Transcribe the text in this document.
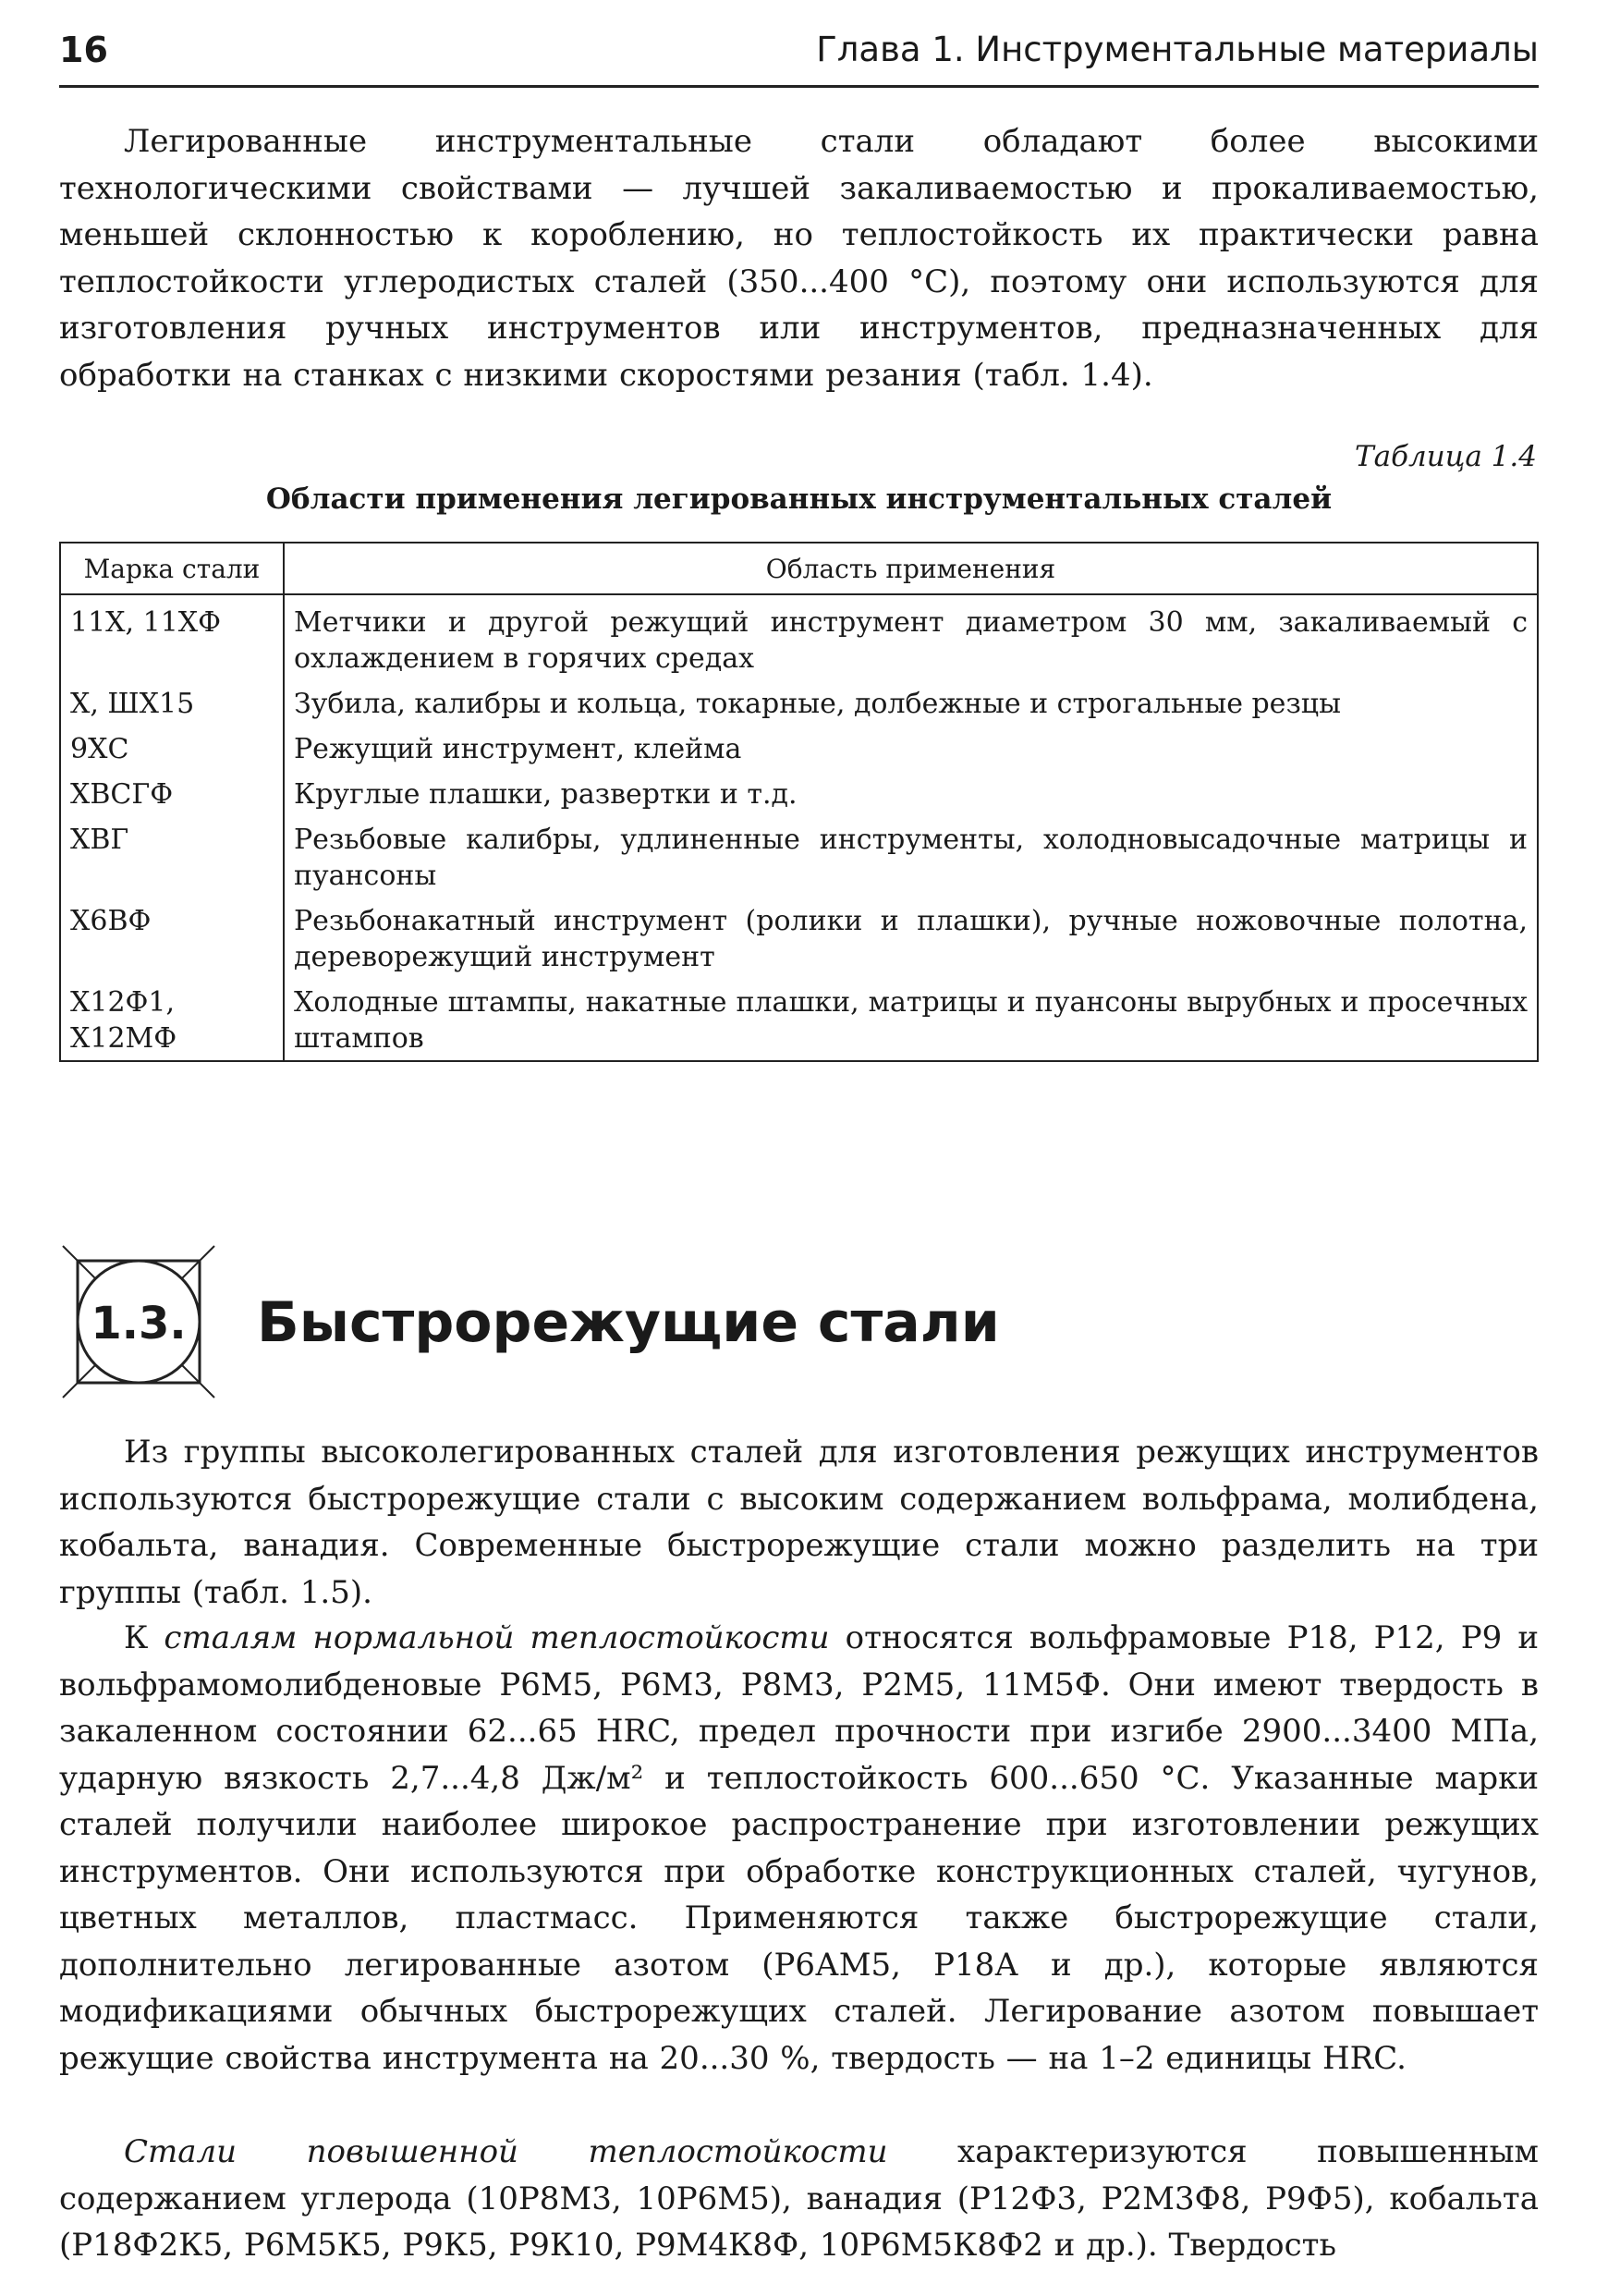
16	Глава 1. Инструментальные материалы

Легированные инструментальные стали обладают более высокими технологическими свойствами — лучшей закаливаемостью и прокаливаемостью, меньшей склонностью к короблению, но теплостойкость их практически равна теплостойкости углеродистых сталей (350...400 °С), поэтому они используются для изготовления ручных инструментов или инструментов, предназначенных для обработки на станках с низкими скоростями резания (табл. 1.4).

Таблица 1.4
Области применения легированных инструментальных сталей
Марка стали	Область применения
11Х, 11ХФ	Метчики и другой режущий инструмент диаметром 30 мм, закаливаемый с охлаждением в горячих средах
Х, ШХ15	Зубила, калибры и кольца, токарные, долбежные и строгальные резцы
9ХС	Режущий инструмент, клейма
ХВСГФ	Круглые плашки, развертки и т.д.
ХВГ	Резьбовые калибры, удлиненные инструменты, холодновысадочные матрицы и пуансоны
Х6ВФ	Резьбонакатный инструмент (ролики и плашки), ручные ножовочные полотна, дереворежущий инструмент
Х12Ф1, Х12МФ	Холодные штампы, накатные плашки, матрицы и пуансоны вырубных и просечных штампов
1.3. Быстрорежущие стали

Из группы высоколегированных сталей для изготовления режущих инструментов используются быстрорежущие стали с высоким содержанием вольфрама, молибдена, кобальта, ванадия. Современные быстрорежущие стали можно разделить на три группы (табл. 1.5).

К сталям нормальной теплостойкости относятся вольфрамовые Р18, Р12, Р9 и вольфрамомолибденовые Р6М5, Р6М3, Р8М3, Р2М5, 11М5Ф. Они имеют твердость в закаленном состоянии 62...65 HRC, предел прочности при изгибе 2900...3400 МПа, ударную вязкость 2,7...4,8 Дж/м² и теплостойкость 600...650 °С. Указанные марки сталей получили наиболее широкое распространение при изготовлении режущих инструментов. Они используются при обработке конструкционных сталей, чугунов, цветных металлов, пластмасс. Применяются также быстрорежущие стали, дополнительно легированные азотом (Р6АМ5, Р18А и др.), которые являются модификациями обычных быстрорежущих сталей. Легирование азотом повышает режущие свойства инструмента на 20...30 %, твердость — на 1–2 единицы HRC.

Стали повышенной теплостойкости характеризуются повышенным содержанием углерода (10Р8М3, 10Р6М5), ванадия (Р12Ф3, Р2М3Ф8, Р9Ф5), кобальта (Р18Ф2К5, Р6М5К5, Р9К5, Р9К10, Р9М4К8Ф, 10Р6М5К8Ф2 и др.). Твердость
